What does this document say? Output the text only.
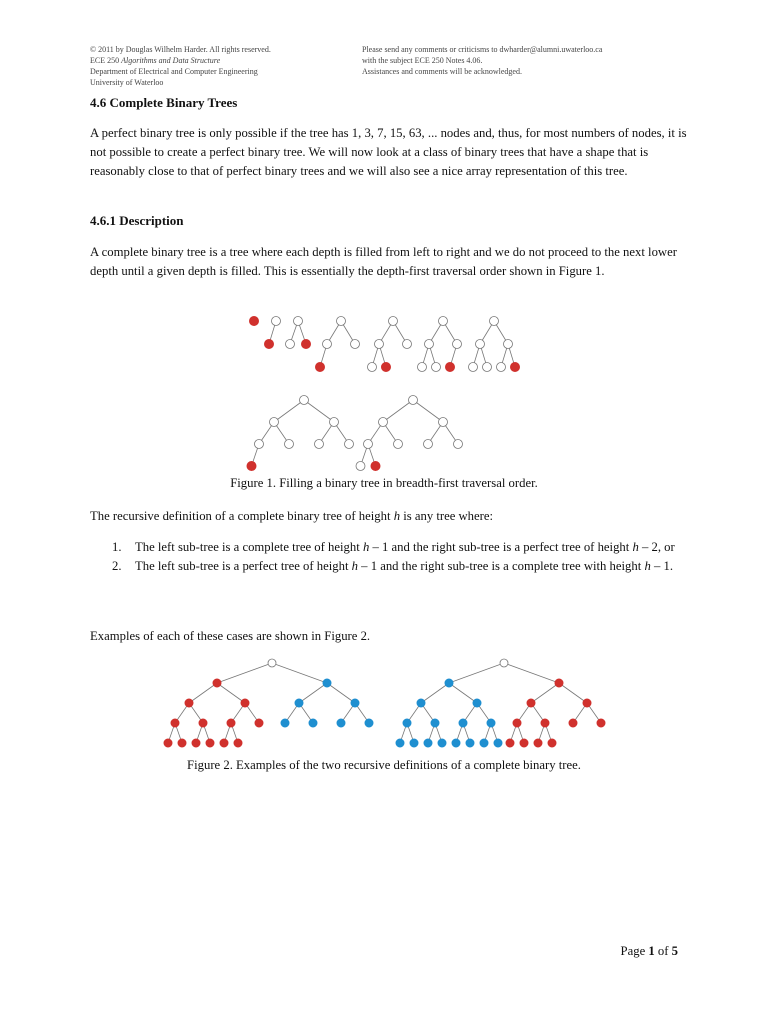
© 2011 by Douglas Wilhelm Harder. All rights reserved.
ECE 250 Algorithms and Data Structure
Department of Electrical and Computer Engineering
University of Waterloo
Please send any comments or criticisms to dwharder@alumni.uwaterloo.ca
with the subject ECE 250 Notes 4.06.
Assistances and comments will be acknowledged.
4.6 Complete Binary Trees

A perfect binary tree is only possible if the tree has 1, 3, 7, 15, 63, ... nodes and, thus, for most numbers of nodes, it is not possible to create a perfect binary tree. We will now look at a class of binary trees that have a shape that is reasonably close to that of perfect binary trees and we will also see a nice array representation of this tree.

4.6.1 Description

A complete binary tree is a tree where each depth is filled from left to right and we do not proceed to the next lower depth until a given depth is filled. This is essentially the depth-first traversal order shown in Figure 1.

Figure 1. Filling a binary tree in breadth-first traversal order.

The recursive definition of a complete binary tree of height h is any tree where:

1. The left sub-tree is a complete tree of height h – 1 and the right sub-tree is a perfect tree of height h – 2, or
2. The left sub-tree is a perfect tree of height h – 1 and the right sub-tree is a complete tree with height h – 1.

Examples of each of these cases are shown in Figure 2.

Figure 2. Examples of the two recursive definitions of a complete binary tree.
Page 1 of 5
